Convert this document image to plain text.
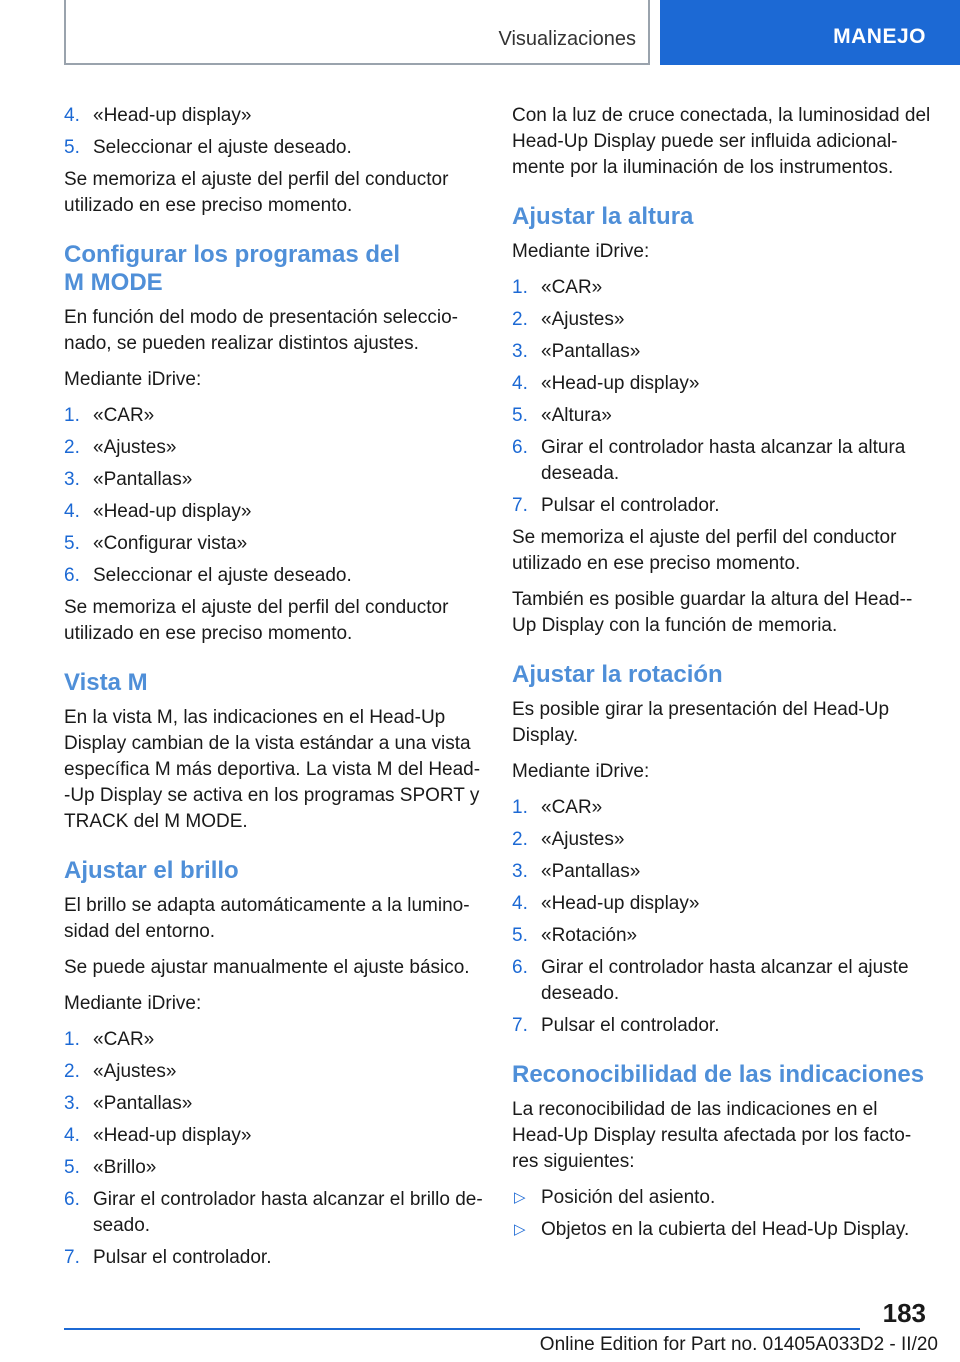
Visualizaciones	MANEJO
4. «Head-up display»
5. Seleccionar el ajuste deseado.

Se memoriza el ajuste del perfil del conductor utilizado en ese preciso momento.

Configurar los programas del
M MODE

En función del modo de presentación seleccio-nado, se pueden realizar distintos ajustes.

Mediante iDrive:

1. «CAR»
2. «Ajustes»
3. «Pantallas»
4. «Head-up display»
5. «Configurar vista»
6. Seleccionar el ajuste deseado.

Se memoriza el ajuste del perfil del conductor utilizado en ese preciso momento.

Vista M

En la vista M, las indicaciones en el Head-Up Display cambian de la vista estándar a una vista específica M más deportiva. La vista M del Head--Up Display se activa en los programas SPORT y TRACK del M MODE.

Ajustar el brillo

El brillo se adapta automáticamente a la lumino-sidad del entorno.

Se puede ajustar manualmente el ajuste básico.

Mediante iDrive:

1. «CAR»
2. «Ajustes»
3. «Pantallas»
4. «Head-up display»
5. «Brillo»
6. Girar el controlador hasta alcanzar el brillo de-seado.
7. Pulsar el controlador.

Con la luz de cruce conectada, la luminosidad del Head-Up Display puede ser influida adicional-mente por la iluminación de los instrumentos.

Ajustar la altura

Mediante iDrive:

1. «CAR»
2. «Ajustes»
3. «Pantallas»
4. «Head-up display»
5. «Altura»
6. Girar el controlador hasta alcanzar la altura deseada.
7. Pulsar el controlador.

Se memoriza el ajuste del perfil del conductor utilizado en ese preciso momento.

También es posible guardar la altura del Head--Up Display con la función de memoria.

Ajustar la rotación

Es posible girar la presentación del Head-Up Display.

Mediante iDrive:

1. «CAR»
2. «Ajustes»
3. «Pantallas»
4. «Head-up display»
5. «Rotación»
6. Girar el controlador hasta alcanzar el ajuste deseado.
7. Pulsar el controlador.
Reconocibilidad de las indicaciones

La reconocibilidad de las indicaciones en el Head-Up Display resulta afectada por los facto-res siguientes:

▷ Posición del asiento.
▷ Objetos en la cubierta del Head-Up Display.
183
Online Edition for Part no. 01405A033D2 - II/20
